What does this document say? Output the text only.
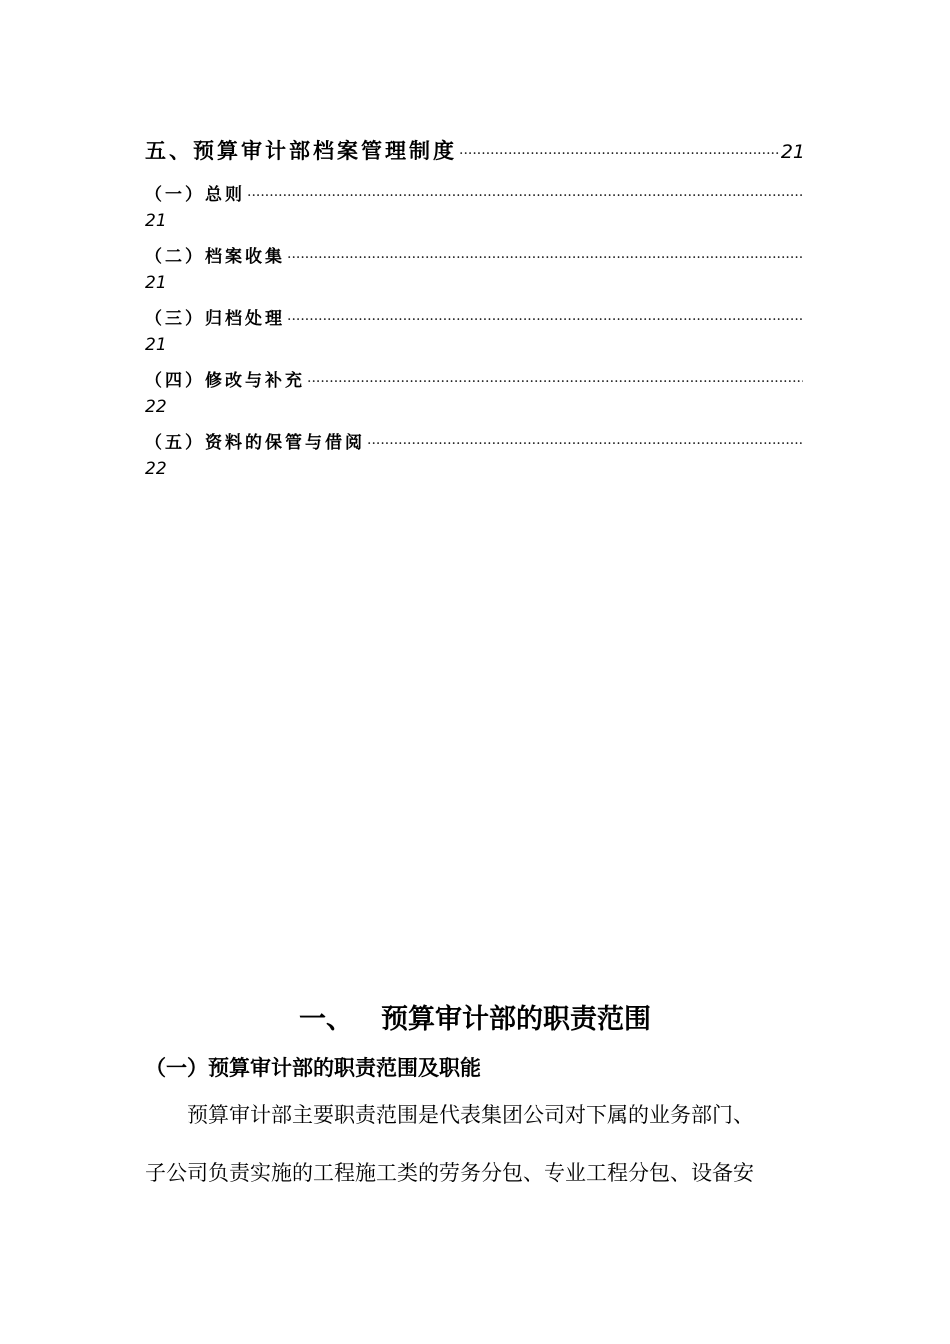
五、预算审计部档案管理制度
·····	21
（一）总则
·····
21
（二）档案收集
·····
21
（三）归档处理
·····
21
（四）修改与补充
·····
22
（五）资料的保管与借阅
·····
22
一、 预算审计部的职责范围
（一）预算审计部的职责范围及职能
预算审计部主要职责范围是代表集团公司对下属的业务部门、
子公司负责实施的工程施工类的劳务分包、专业工程分包、设备安
